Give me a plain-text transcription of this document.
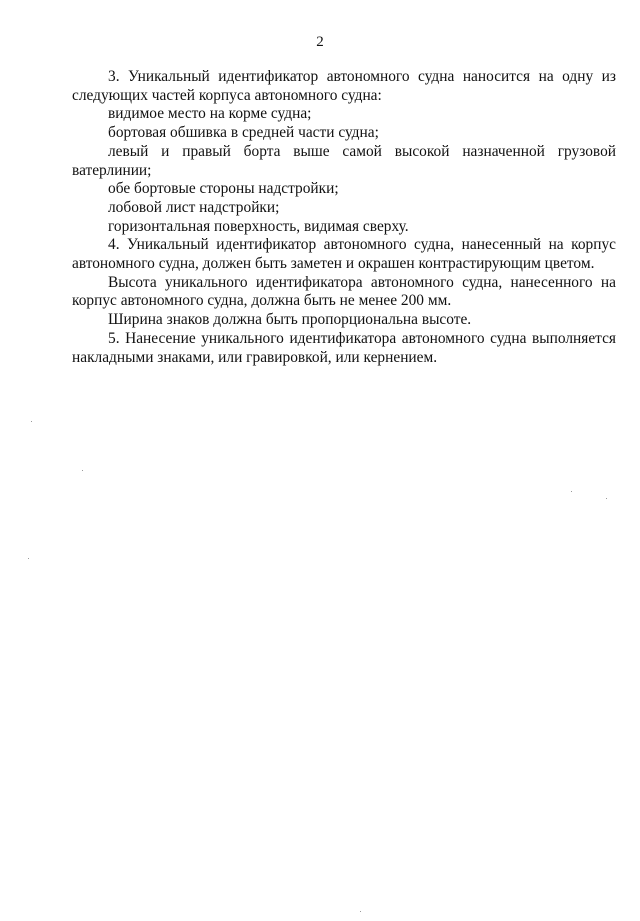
2

3. Уникальный идентификатор автономного судна наносится на одну из следующих частей корпуса автономного судна:

видимое место на корме судна;

бортовая обшивка в средней части судна;

левый и правый борта выше самой высокой назначенной грузовой ватерлинии;

обе бортовые стороны надстройки;

лобовой лист надстройки;

горизонтальная поверхность, видимая сверху.

4. Уникальный идентификатор автономного судна, нанесенный на корпус автономного судна, должен быть заметен и окрашен контрастирующим цветом.

Высота уникального идентификатора автономного судна, нанесенного на корпус автономного судна, должна быть не менее 200 мм.

Ширина знаков должна быть пропорциональна высоте.

5. Нанесение уникального идентификатора автономного судна выполняется накладными знаками, или гравировкой, или кернением.
